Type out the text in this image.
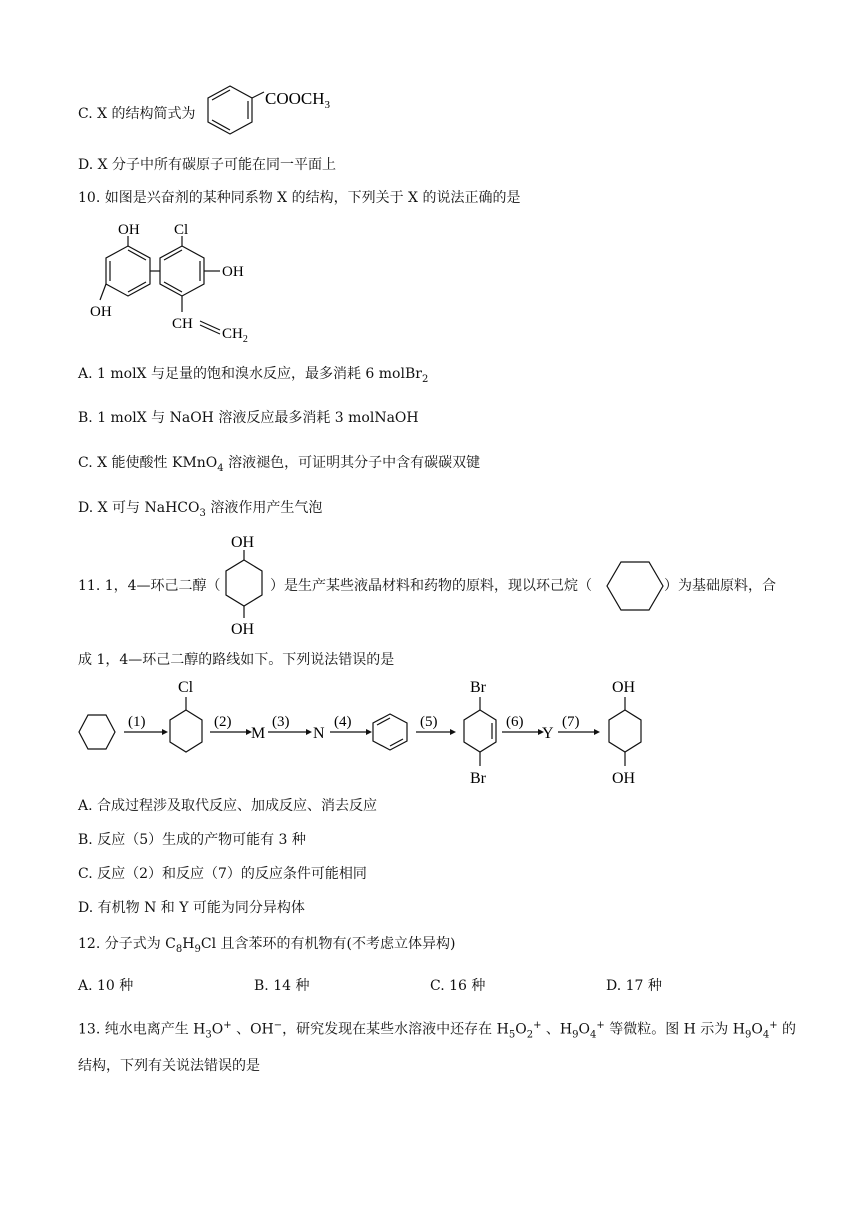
C. X 的结构简式为
$COOCH_3$
D. X 分子中所有碳原子可能在同一平面上
10. 如图是兴奋剂的某种同系物 X 的结构，下列关于 X 的说法正确的是
OH Cl
OH
OH
CH
$CH_2$
A. 1 molX 与足量的饱和溴水反应，最多消耗 6 molBr$_2$
B. 1 molX 与 NaOH 溶液反应最多消耗 3 molNaOH
C. X 能使酸性 KMnO$_4$ 溶液褪色，可证明其分子中含有碳碳双键
D. X 可与 NaHCO$_3$ 溶液作用产生气泡
11. 1，4—环己二醇（
OH
OH
）是生产某些液晶材料和药物的原料，现以环己烷（	）为基础原料，合
成 1，4—环己二醇的路线如下。下列说法错误的是
(1)
Cl
(2)
M
(3)
N
(4)	(5)
Br
Br
(6)
Y
(7)
OH
OH
A. 合成过程涉及取代反应、加成反应、消去反应
B. 反应（5）生成的产物可能有 3 种
C. 反应（2）和反应（7）的反应条件可能相同
D. 有机物 N 和 Y 可能为同分异构体
12. 分子式为 $C_8H_9Cl$ 且含苯环的有机物有(不考虑立体异构)
A. 10 种	B. 14 种	C. 16 种	D. 17 种
13. 纯水电离产生 $H_3O^+$ 、OH−，研究发现在某些水溶液中还存在 $H_5O_2^+$ 、$H_9O_4^+$ 等微粒。图 H 示为 $H_9O_4^+$ 的
结构，下列有关说法错误的是
